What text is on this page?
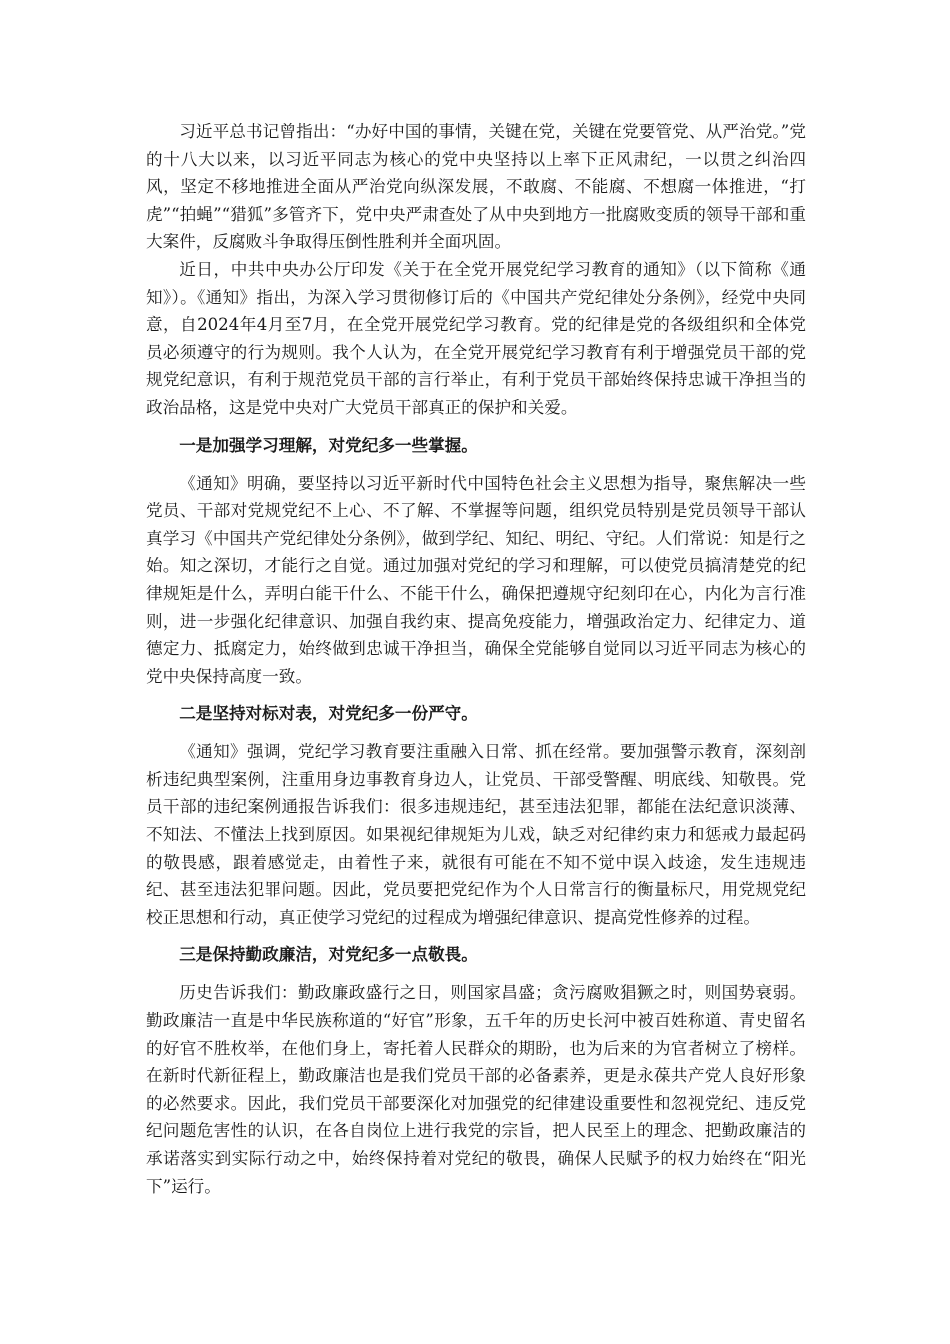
习近平总书记曾指出：“办好中国的事情，关键在党，关键在党要管党、从严治党。”党的十八大以来，以习近平同志为核心的党中央坚持以上率下正风肃纪，一以贯之纠治四风，坚定不移地推进全面从严治党向纵深发展，不敢腐、不能腐、不想腐一体推进，“打虎”“拍蝇”“猎狐”多管齐下，党中央严肃查处了从中央到地方一批腐败变质的领导干部和重大案件，反腐败斗争取得压倒性胜利并全面巩固。

近日，中共中央办公厅印发《关于在全党开展党纪学习教育的通知》（以下简称《通知》）。《通知》指出，为深入学习贯彻修订后的《中国共产党纪律处分条例》，经党中央同意，自2024年4月至7月，在全党开展党纪学习教育。党的纪律是党的各级组织和全体党员必须遵守的行为规则。我个人认为，在全党开展党纪学习教育有利于增强党员干部的党规党纪意识，有利于规范党员干部的言行举止，有利于党员干部始终保持忠诚干净担当的政治品格，这是党中央对广大党员干部真正的保护和关爱。

一是加强学习理解，对党纪多一些掌握。

《通知》明确，要坚持以习近平新时代中国特色社会主义思想为指导，聚焦解决一些党员、干部对党规党纪不上心、不了解、不掌握等问题，组织党员特别是党员领导干部认真学习《中国共产党纪律处分条例》，做到学纪、知纪、明纪、守纪。人们常说：知是行之始。知之深切，才能行之自觉。通过加强对党纪的学习和理解，可以使党员搞清楚党的纪律规矩是什么，弄明白能干什么、不能干什么，确保把遵规守纪刻印在心，内化为言行准则，进一步强化纪律意识、加强自我约束、提高免疫能力，增强政治定力、纪律定力、道德定力、抵腐定力，始终做到忠诚干净担当，确保全党能够自觉同以习近平同志为核心的党中央保持高度一致。

二是坚持对标对表，对党纪多一份严守。

《通知》强调，党纪学习教育要注重融入日常、抓在经常。要加强警示教育，深刻剖析违纪典型案例，注重用身边事教育身边人，让党员、干部受警醒、明底线、知敬畏。党员干部的违纪案例通报告诉我们：很多违规违纪，甚至违法犯罪，都能在法纪意识淡薄、不知法、不懂法上找到原因。如果视纪律规矩为儿戏，缺乏对纪律约束力和惩戒力最起码的敬畏感，跟着感觉走，由着性子来，就很有可能在不知不觉中误入歧途，发生违规违纪、甚至违法犯罪问题。因此，党员要把党纪作为个人日常言行的衡量标尺，用党规党纪校正思想和行动，真正使学习党纪的过程成为增强纪律意识、提高党性修养的过程。

三是保持勤政廉洁，对党纪多一点敬畏。

历史告诉我们：勤政廉政盛行之日，则国家昌盛；贪污腐败猖獗之时，则国势衰弱。勤政廉洁一直是中华民族称道的“好官”形象，五千年的历史长河中被百姓称道、青史留名的好官不胜枚举，在他们身上，寄托着人民群众的期盼，也为后来的为官者树立了榜样。在新时代新征程上，勤政廉洁也是我们党员干部的必备素养，更是永葆共产党人良好形象的必然要求。因此，我们党员干部要深化对加强党的纪律建设重要性和忽视党纪、违反党纪问题危害性的认识，在各自岗位上进行我党的宗旨，把人民至上的理念、把勤政廉洁的承诺落实到实际行动之中，始终保持着对党纪的敬畏，确保人民赋予的权力始终在“阳光下”运行。
